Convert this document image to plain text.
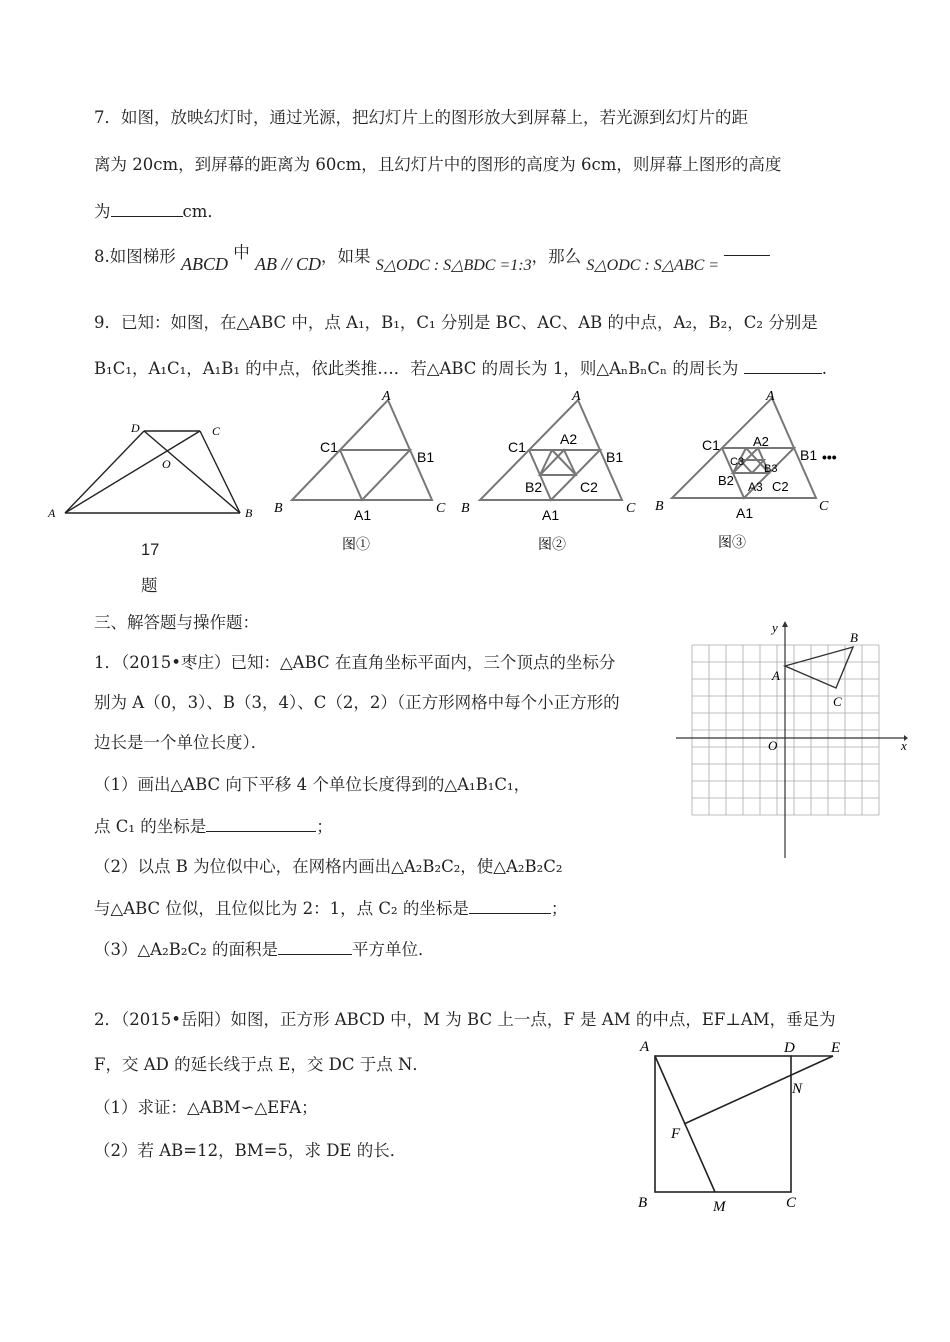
7．如图，放映幻灯时，通过光源，把幻灯片上的图形放大到屏幕上，若光源到幻灯片的距
离为 20cm，到屏幕的距离为 60cm，且幻灯片中的图形的高度为 6cm，则屏幕上图形的高度
为	cm．
8.如图梯形 ABCD 中 AB // CD，如果 S△ODC : S△BDC =1:3，那么 S△ODC : S△ABC =
9．已知：如图，在△ABC 中，点 A₁，B₁，C₁ 分别是 BC、AC、AB 的中点，A₂，B₂，C₂ 分别是
B₁C₁，A₁C₁，A₁B₁ 的中点，依此类推…．若△ABC 的周长为 1，则△AₙBₙCₙ 的周长为	.
D	C
O
A	B
17
题
A
C1
B1
B	A1	C
图①
A
A2
C1
B1
B2	C2
B	A1	C
图②
A
A2
C1
C3
B3
B1
B2 A3 C2
B	A1	C
•••
图③
三、解答题与操作题：
1．（2015•枣庄）已知：△ABC 在直角坐标平面内，三个顶点的坐标分
别为 A（0，3）、B（3，4）、C（2，2）（正方形网格中每个小正方形的
边长是一个单位长度）．
（1）画出△ABC 向下平移 4 个单位长度得到的△A₁B₁C₁，
点 C₁ 的坐标是	；
（2）以点 B 为位似中心，在网格内画出△A₂B₂C₂，使△A₂B₂C₂
与△ABC 位似，且位似比为 2：1，点 C₂ 的坐标是	；
（3）△A₂B₂C₂ 的面积是	平方单位．
y
x
O
A
B
C
2．（2015•岳阳）如图，正方形 ABCD 中，M 为 BC 上一点，F 是 AM 的中点，EF⊥AM，垂足为
F，交 AD 的延长线于点 E，交 DC 于点 N．
（1）求证：△ABM∽△EFA；
（2）若 AB=12，BM=5，求 DE 的长．
A	D E
N
F
B	M	C
